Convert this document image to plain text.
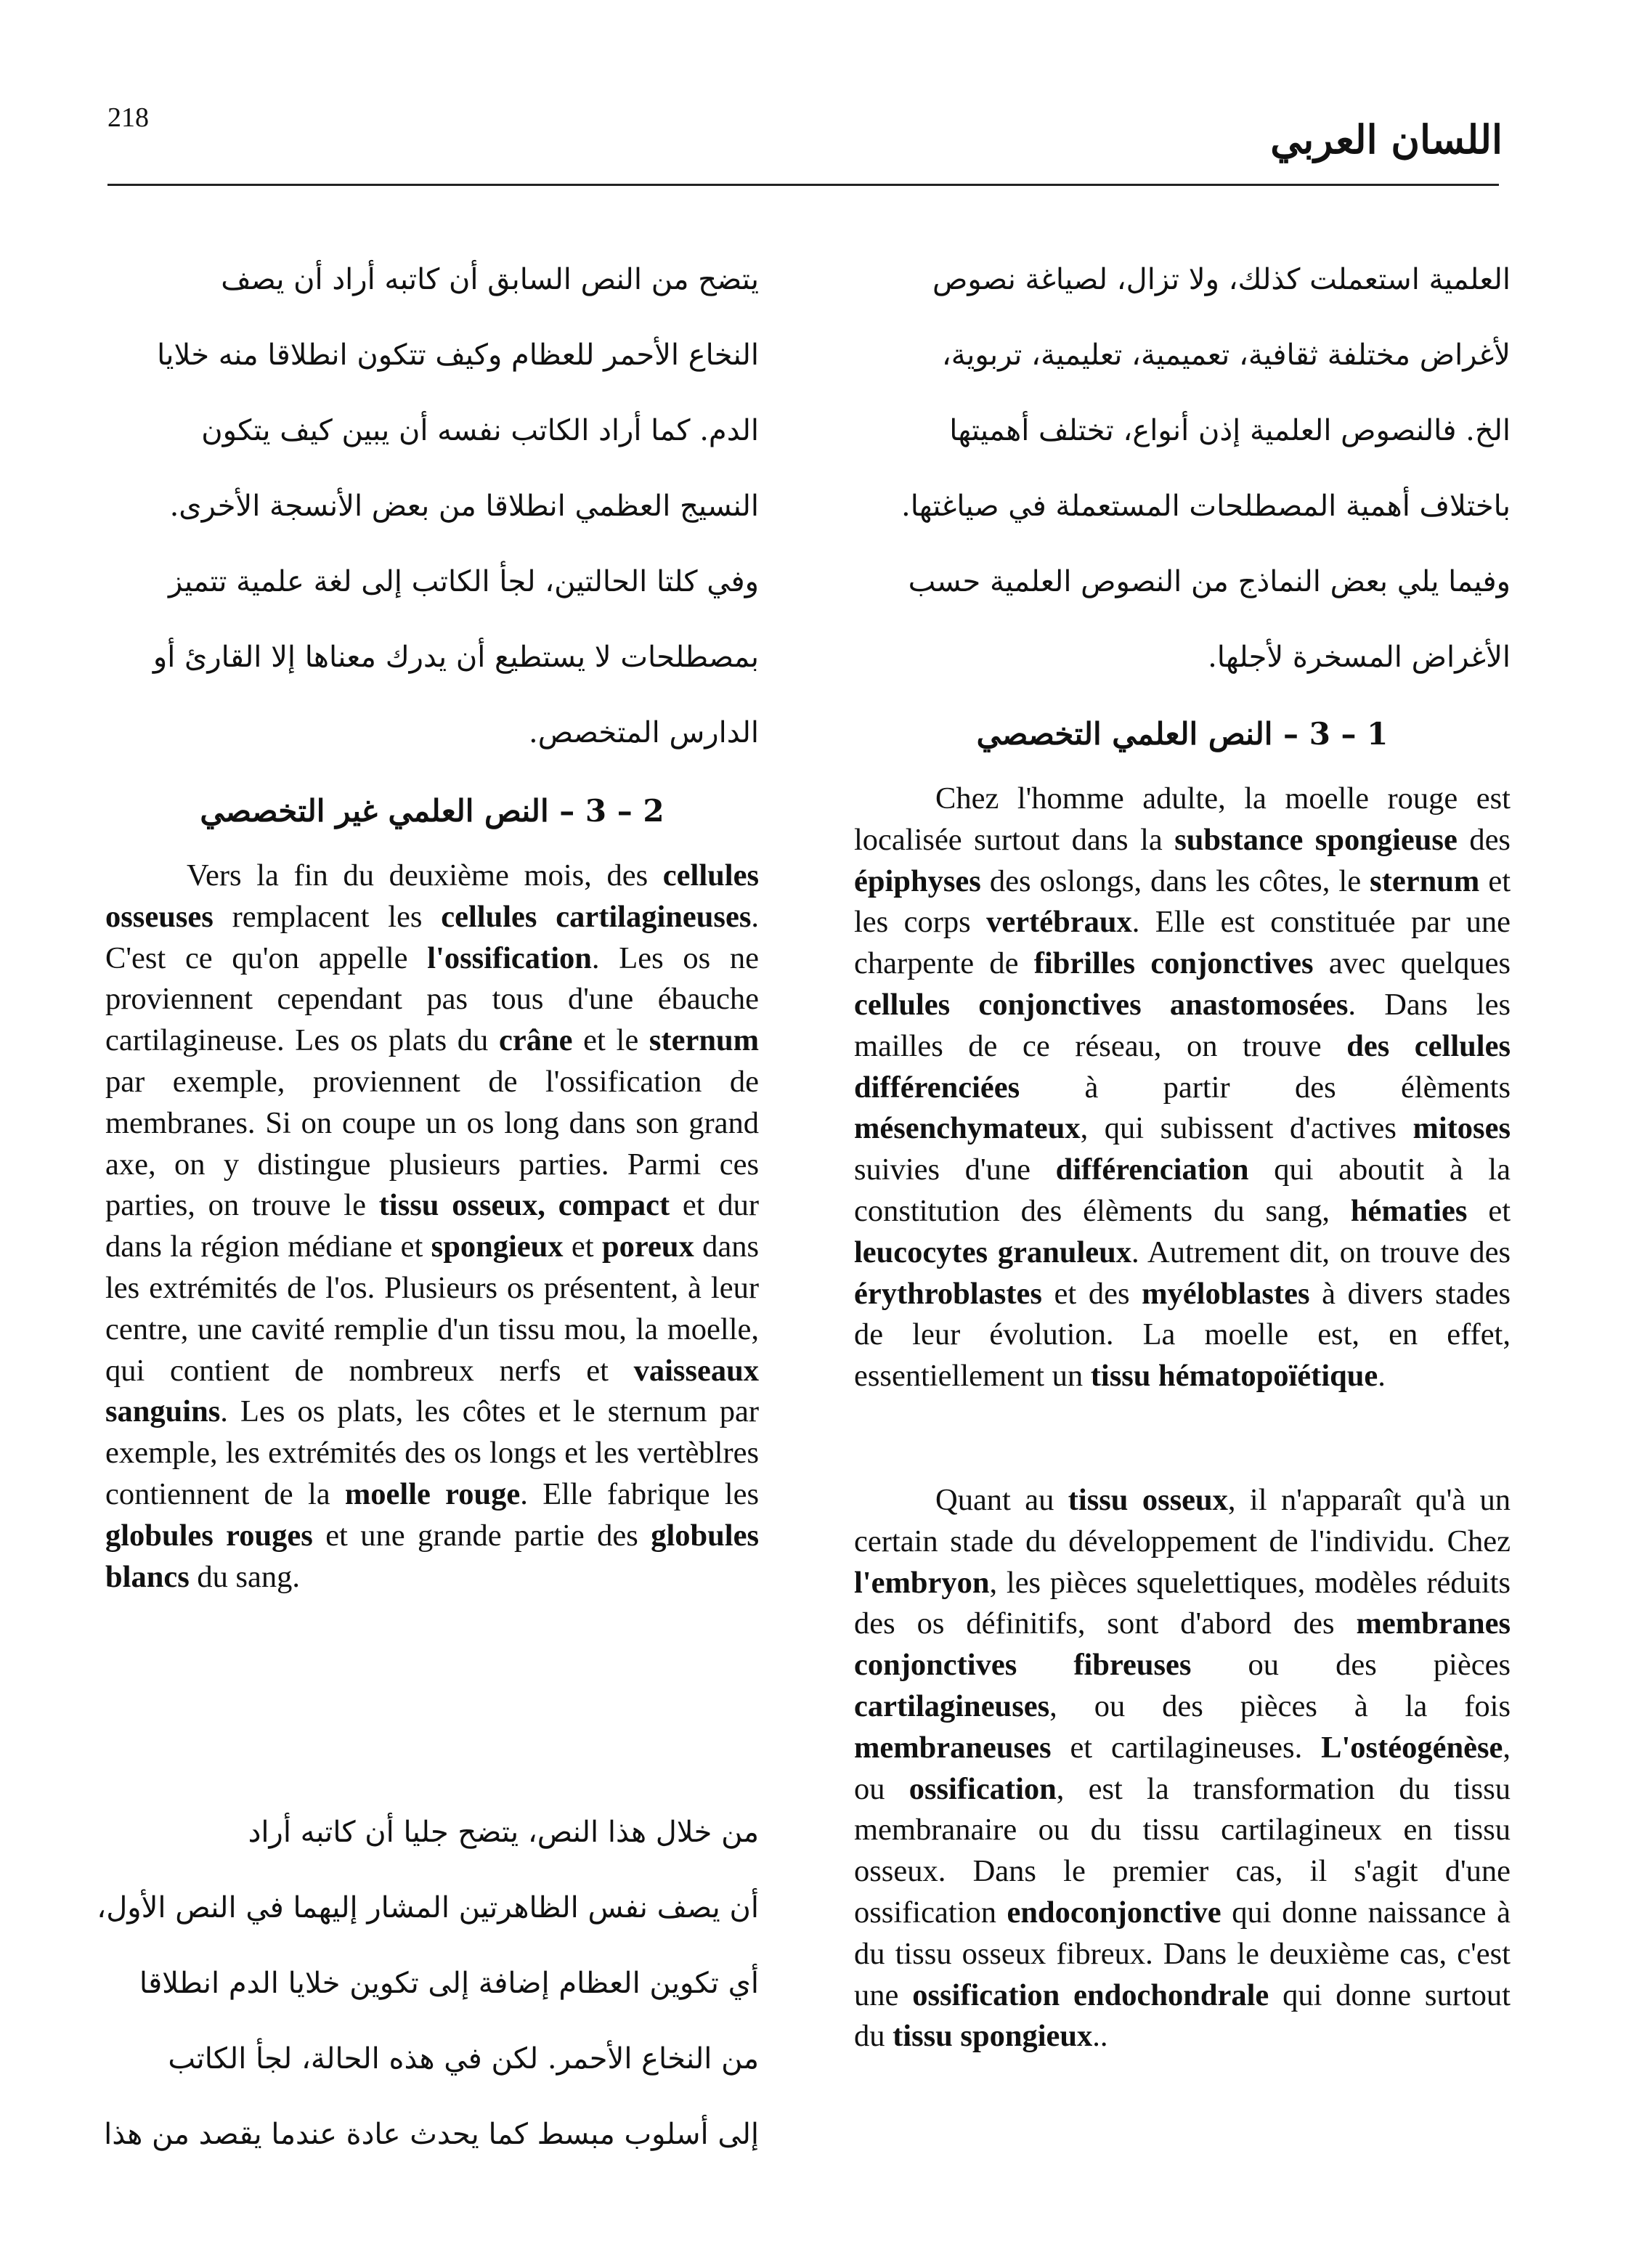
218	اللسان العربي
العلمية استعملت كذلك، ولا تزال، لصياغة نصوص
لأغراض مختلفة ثقافية، تعميمية، تعليمية، تربوية،
الخ. فالنصوص العلمية إذن أنواع، تختلف أهميتها
باختلاف أهمية المصطلحات المستعملة في صياغتها.
وفيما يلي بعض النماذج من النصوص العلمية حسب
الأغراض المسخرة لأجلها.
1 – 3 – النص العلمي التخصصي

Chez l'homme adulte, la moelle rouge est localisée surtout dans la substance spongieuse des épiphyses des oslongs, dans les côtes, le sternum et les corps vertébraux. Elle est constituée par une charpente de fibrilles conjonctives avec quelques cellules conjonctives anastomosées. Dans les mailles de ce réseau, on trouve des cellules différenciées à partir des élèments mésenchymateux, qui subissent d'actives mitoses suivies d'une différenciation qui aboutit à la constitution des élèments du sang, hématies et leucocytes granuleux. Autrement dit, on trouve des érythroblastes et des myéloblastes à divers stades de leur évolution. La moelle est, en effet, essentiellement un tissu hématopoïétique.

Quant au tissu osseux, il n'apparaît qu'à un certain stade du développement de l'individu. Chez l'embryon, les pièces squelettiques, modèles réduits des os définitifs, sont d'abord des membranes conjonctives fibreuses ou des pièces cartilagineuses, ou des pièces à la fois membraneuses et cartilagineuses. L'ostéogénèse, ou ossification, est la transformation du tissu membranaire ou du tissu cartilagineux en tissu osseux. Dans le premier cas, il s'agit d'une ossification endoconjonctive qui donne naissance à du tissu osseux fibreux. Dans le deuxième cas, c'est une ossification endochondrale qui donne surtout du tissu spongieux..

يتضح من النص السابق أن كاتبه أراد أن يصف
النخاع الأحمر للعظام وكيف تتكون انطلاقا منه خلايا
الدم. كما أراد الكاتب نفسه أن يبين كيف يتكون
النسيج العظمي انطلاقا من بعض الأنسجة الأخرى.
وفي كلتا الحالتين، لجأ الكاتب إلى لغة علمية تتميز
بمصطلحات لا يستطيع أن يدرك معناها إلا القارئ أو
الدارس المتخصص.
2 – 3 – النص العلمي غير التخصصي

Vers la fin du deuxième mois, des cellules osseuses remplacent les cellules cartilagineuses. C'est ce qu'on appelle l'ossification. Les os ne proviennent cependant pas tous d'une ébauche cartilagineuse. Les os plats du crâne et le sternum par exemple, proviennent de l'ossification de membranes. Si on coupe un os long dans son grand axe, on y distingue plusieurs parties. Parmi ces parties, on trouve le tissu osseux, compact et dur dans la région médiane et spongieux et poreux dans les extrémités de l'os. Plusieurs os présentent, à leur centre, une cavité remplie d'un tissu mou, la moelle, qui contient de nombreux nerfs et vaisseaux sanguins. Les os plats, les côtes et le sternum par exemple, les extrémités des os longs et les vertèblres contiennent de la moelle rouge. Elle fabrique les globules rouges et une grande partie des globules blancs du sang.

من خلال هذا النص، يتضح جليا أن كاتبه أراد
أن يصف نفس الظاهرتين المشار إليهما في النص الأول،
أي تكوين العظام إضافة إلى تكوين خلايا الدم انطلاقا
من النخاع الأحمر. لكن في هذه الحالة، لجأ الكاتب
إلى أسلوب مبسط كما يحدث عادة عندما يقصد من هذا
